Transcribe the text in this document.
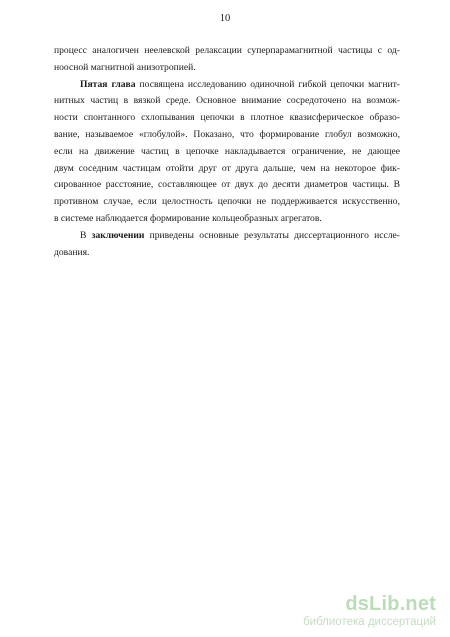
10

процесс аналогичен неелевской релаксации суперпарамагнитной частицы с од-
ноосной магнитной анизотропией.

Пятая глава посвящена исследованию одиночной гибкой цепочки магнит-
нитных частиц в вязкой среде. Основное внимание сосредоточено на возмож-
ности спонтанного схлопывания цепочки в плотное квазисферическое образо-
вание, называемое «глобулой». Показано, что формирование глобул возможно,
если на движение частиц в цепочке накладывается ограничение, не дающее
двум соседним частицам отойти друг от друга дальше, чем на некоторое фик-
сированное расстояние, составляющее от двух до десяти диаметров частицы. В
противном случае, если целостность цепочки не поддерживается искусственно,
в системе наблюдается формирование кольцеобразных агрегатов.

В заключении приведены основные результаты диссертационного иссле-
дования.

dsLib.net
библиотека диссертаций
